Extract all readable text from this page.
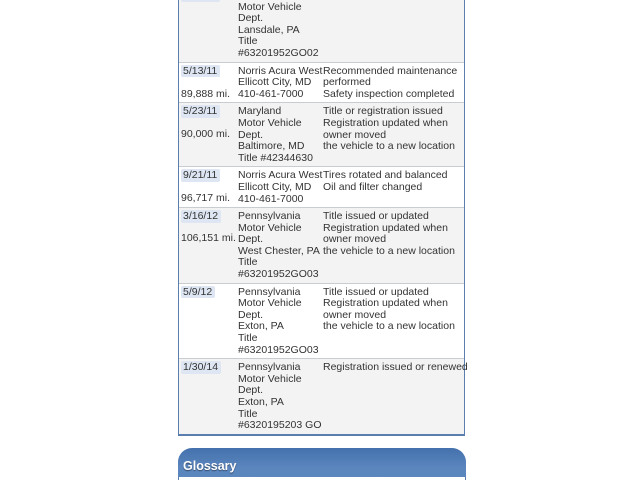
Motor Vehicle
Dept.
Lansdale, PA
Title
#63201952GO02
5/13/11
89,888 mi.
Norris Acura West
Ellicott City, MD
410-461-7000
Recommended maintenance
performed
Safety inspection completed
5/23/11
90,000 mi.
Maryland
Motor Vehicle
Dept.
Baltimore, MD
Title #42344630
Title or registration issued
Registration updated when
owner moved
the vehicle to a new location
9/21/11
96,717 mi.
Norris Acura West
Ellicott City, MD
410-461-7000
Tires rotated and balanced
Oil and filter changed
3/16/12
106,151 mi.
Pennsylvania
Motor Vehicle
Dept.
West Chester, PA
Title
#63201952GO03
Title issued or updated
Registration updated when
owner moved
the vehicle to a new location
5/9/12	Pennsylvania
Motor Vehicle
Dept.
Exton, PA
Title
#63201952GO03
Title issued or updated
Registration updated when
owner moved
the vehicle to a new location
1/30/14	Pennsylvania
Motor Vehicle
Dept.
Exton, PA
Title
#6320195203 GO
Registration issued or renewed
Glossary
